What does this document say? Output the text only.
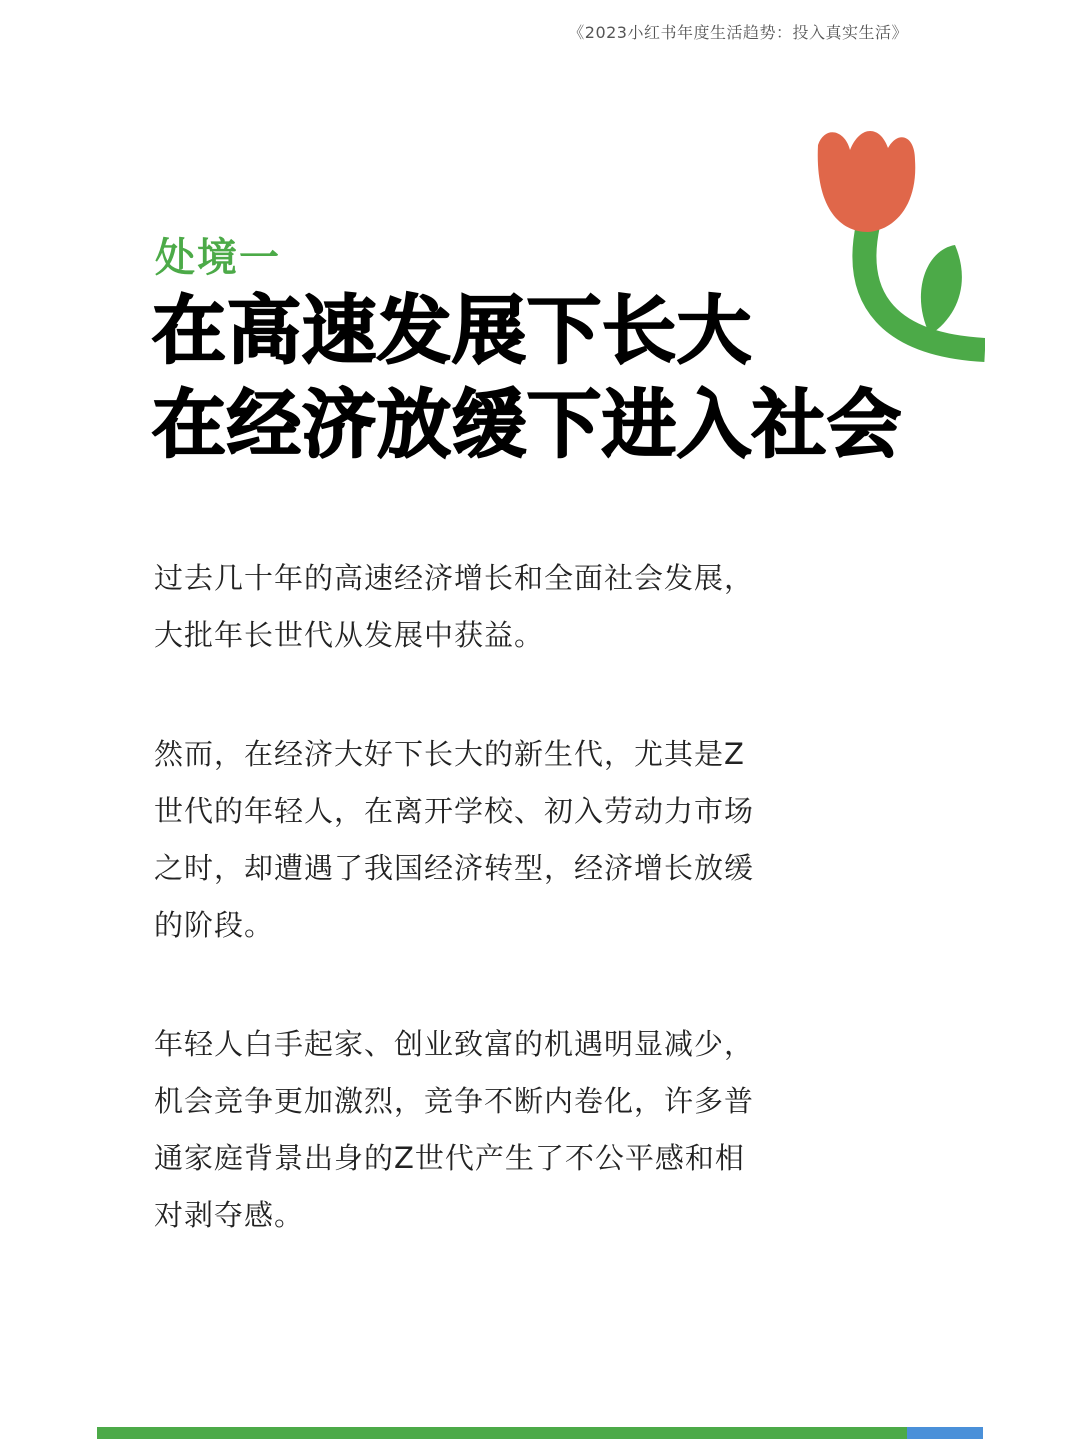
《2023小红书年度生活趋势：投入真实生活》
处境一
在高速发展下长大
在经济放缓下进入社会

过去几十年的高速经济增长和全面社会发展，大批年长世代从发展中获益。

然而，在经济大好下长大的新生代，尤其是Z世代的年轻人，在离开学校、初入劳动力市场之时，却遭遇了我国经济转型，经济增长放缓的阶段。

年轻人白手起家、创业致富的机遇明显减少，机会竞争更加激烈，竞争不断内卷化，许多普通家庭背景出身的Z世代产生了不公平感和相对剥夺感。
